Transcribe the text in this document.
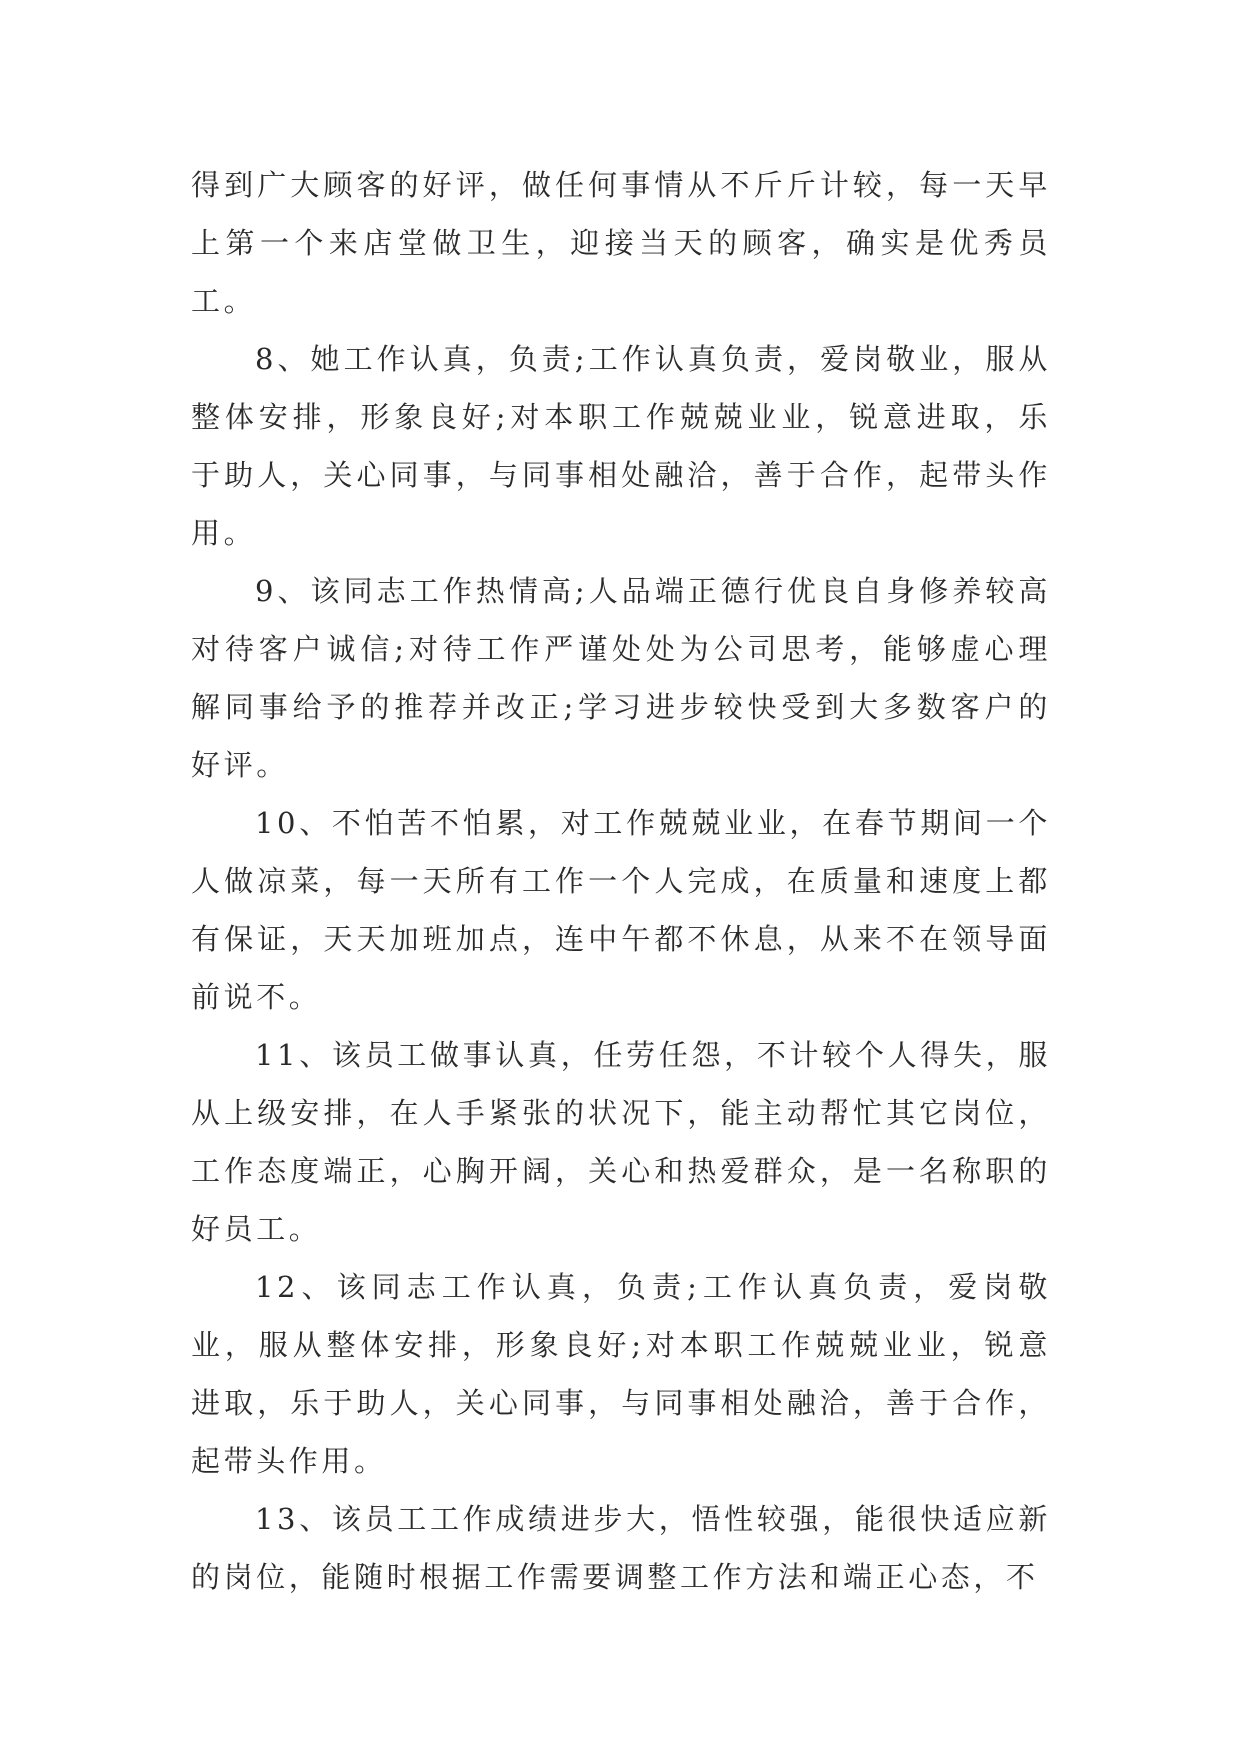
得到广大顾客的好评，做任何事情从不斤斤计较，每一天早上第一个来店堂做卫生，迎接当天的顾客，确实是优秀员工。

8、她工作认真，负责;工作认真负责，爱岗敬业，服从整体安排，形象良好;对本职工作兢兢业业，锐意进取，乐于助人，关心同事，与同事相处融洽，善于合作，起带头作用。

9、该同志工作热情高;人品端正德行优良自身修养较高对待客户诚信;对待工作严谨处处为公司思考，能够虚心理解同事给予的推荐并改正;学习进步较快受到大多数客户的好评。

10、不怕苦不怕累，对工作兢兢业业，在春节期间一个人做凉菜，每一天所有工作一个人完成，在质量和速度上都有保证，天天加班加点，连中午都不休息，从来不在领导面前说不。

11、该员工做事认真，任劳任怨，不计较个人得失，服从上级安排，在人手紧张的状况下，能主动帮忙其它岗位，工作态度端正，心胸开阔，关心和热爱群众，是一名称职的好员工。

12、该同志工作认真，负责;工作认真负责，爱岗敬业，服从整体安排，形象良好;对本职工作兢兢业业，锐意进取，乐于助人，关心同事，与同事相处融洽，善于合作，起带头作用。

13、该员工工作成绩进步大，悟性较强，能很快适应新的岗位，能随时根据工作需要调整工作方法和端正心态，不
